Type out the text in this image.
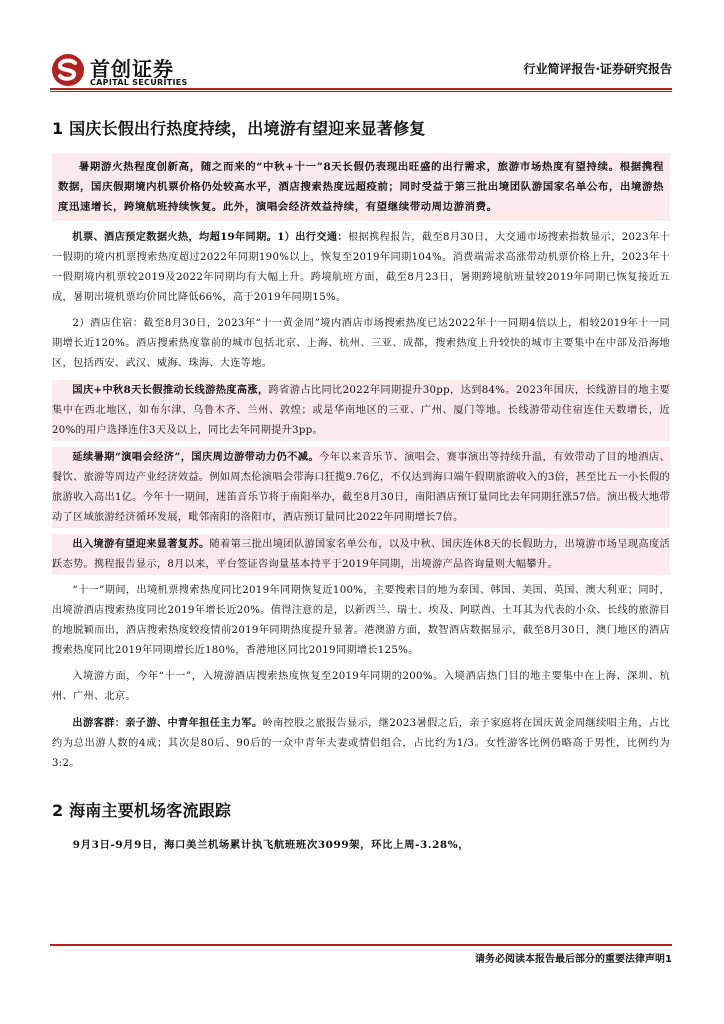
首创证券
CAPITAL SECURITIES
行业简评报告·证券研究报告
1 国庆长假出行热度持续，出境游有望迎来显著修复

暑期游火热程度创新高，随之而来的“中秋+十一”8天长假仍表现出旺盛的出行需求，旅游市场热度有望持续。根据携程数据，国庆假期境内机票价格仍处较高水平，酒店搜索热度远超疫前；同时受益于第三批出境团队游国家名单公布，出境游热度迅速增长，跨境航班持续恢复。此外，演唱会经济效益持续，有望继续带动周边游消费。

机票、酒店预定数据火热，均超19年同期。1）出行交通：根据携程报告，截至8月30日，大交通市场搜索指数显示，2023年十一假期的境内机票搜索热度超过2022年同期190%以上，恢复至2019年同期104%。消费端需求高涨带动机票价格上升，2023年十一假期境内机票较2019及2022年同期均有大幅上升。跨境航班方面，截至8月23日，暑期跨境航班量较2019年同期已恢复接近五成，暑期出境机票均价同比降低66%，高于2019年同期15%。

2）酒店住宿：截至8月30日，2023年“十一黄金周”境内酒店市场搜索热度已达2022年十一同期4倍以上，相较2019年十一同期增长近120%。酒店搜索热度靠前的城市包括北京、上海、杭州、三亚、成都，搜索热度上升较快的城市主要集中在中部及沿海地区，包括西安、武汉、威海、珠海、大连等地。

国庆+中秋8天长假推动长线游热度高涨，跨省游占比同比2022年同期提升30pp，达到84%。2023年国庆，长线游目的地主要集中在西北地区，如布尔津、乌鲁木齐、兰州、敦煌；或是华南地区的三亚、广州、厦门等地。长线游带动住宿连住天数增长，近20%的用户选择连住3天及以上，同比去年同期提升3pp。

延续暑期“演唱会经济”，国庆周边游带动力仍不减。今年以来音乐节、演唱会、赛事演出等持续升温，有效带动了目的地酒店、餐饮、旅游等周边产业经济效益。例如周杰伦演唱会带海口狂揽9.76亿，不仅达到海口端午假期旅游收入的3倍，甚至比五一小长假的旅游收入高出1亿。今年十一期间，迷笛音乐节将于南阳举办，截至8月30日，南阳酒店预订量同比去年同期狂涨57倍。演出极大地带动了区域旅游经济循环发展，毗邻南阳的洛阳市，酒店预订量同比2022年同期增长7倍。

出入境游有望迎来显著复苏。随着第三批出境团队游国家名单公布，以及中秋、国庆连休8天的长假助力，出境游市场呈现高度活跃态势。携程报告显示，8月以来，平台签证咨询量基本持平于2019年同期，出境游产品咨询量则大幅攀升。

“十一”期间，出境机票搜索热度同比2019年同期恢复近100%，主要搜索目的地为泰国、韩国、美国、英国、澳大利亚；同时，出境游酒店搜索热度同比2019年增长近20%。值得注意的是，以新西兰、瑞士、埃及、阿联酋、土耳其为代表的小众、长线的旅游目的地脱颖而出，酒店搜索热度较疫情前2019年同期热度提升显著。港澳游方面，数智酒店数据显示，截至8月30日，澳门地区的酒店搜索热度同比2019年同期增长近180%，香港地区同比2019同期增长125%。

入境游方面，今年“十一”，入境游酒店搜索热度恢复至2019年同期的200%。入境酒店热门目的地主要集中在上海、深圳、杭州、广州、北京。

出游客群：亲子游、中青年担任主力军。岭南控股之旅报告显示，继2023暑假之后，亲子家庭将在国庆黄金周继续唱主角，占比约为总出游人数的4成；其次是80后、90后的一众中青年夫妻或情侣组合，占比约为1/3。女性游客比例仍略高于男性，比例约为3:2。

2 海南主要机场客流跟踪

9月3日-9月9日，海口美兰机场累计执飞航班班次3099架，环比上周-3.28%，

请务必阅读本报告最后部分的重要法律声明1
